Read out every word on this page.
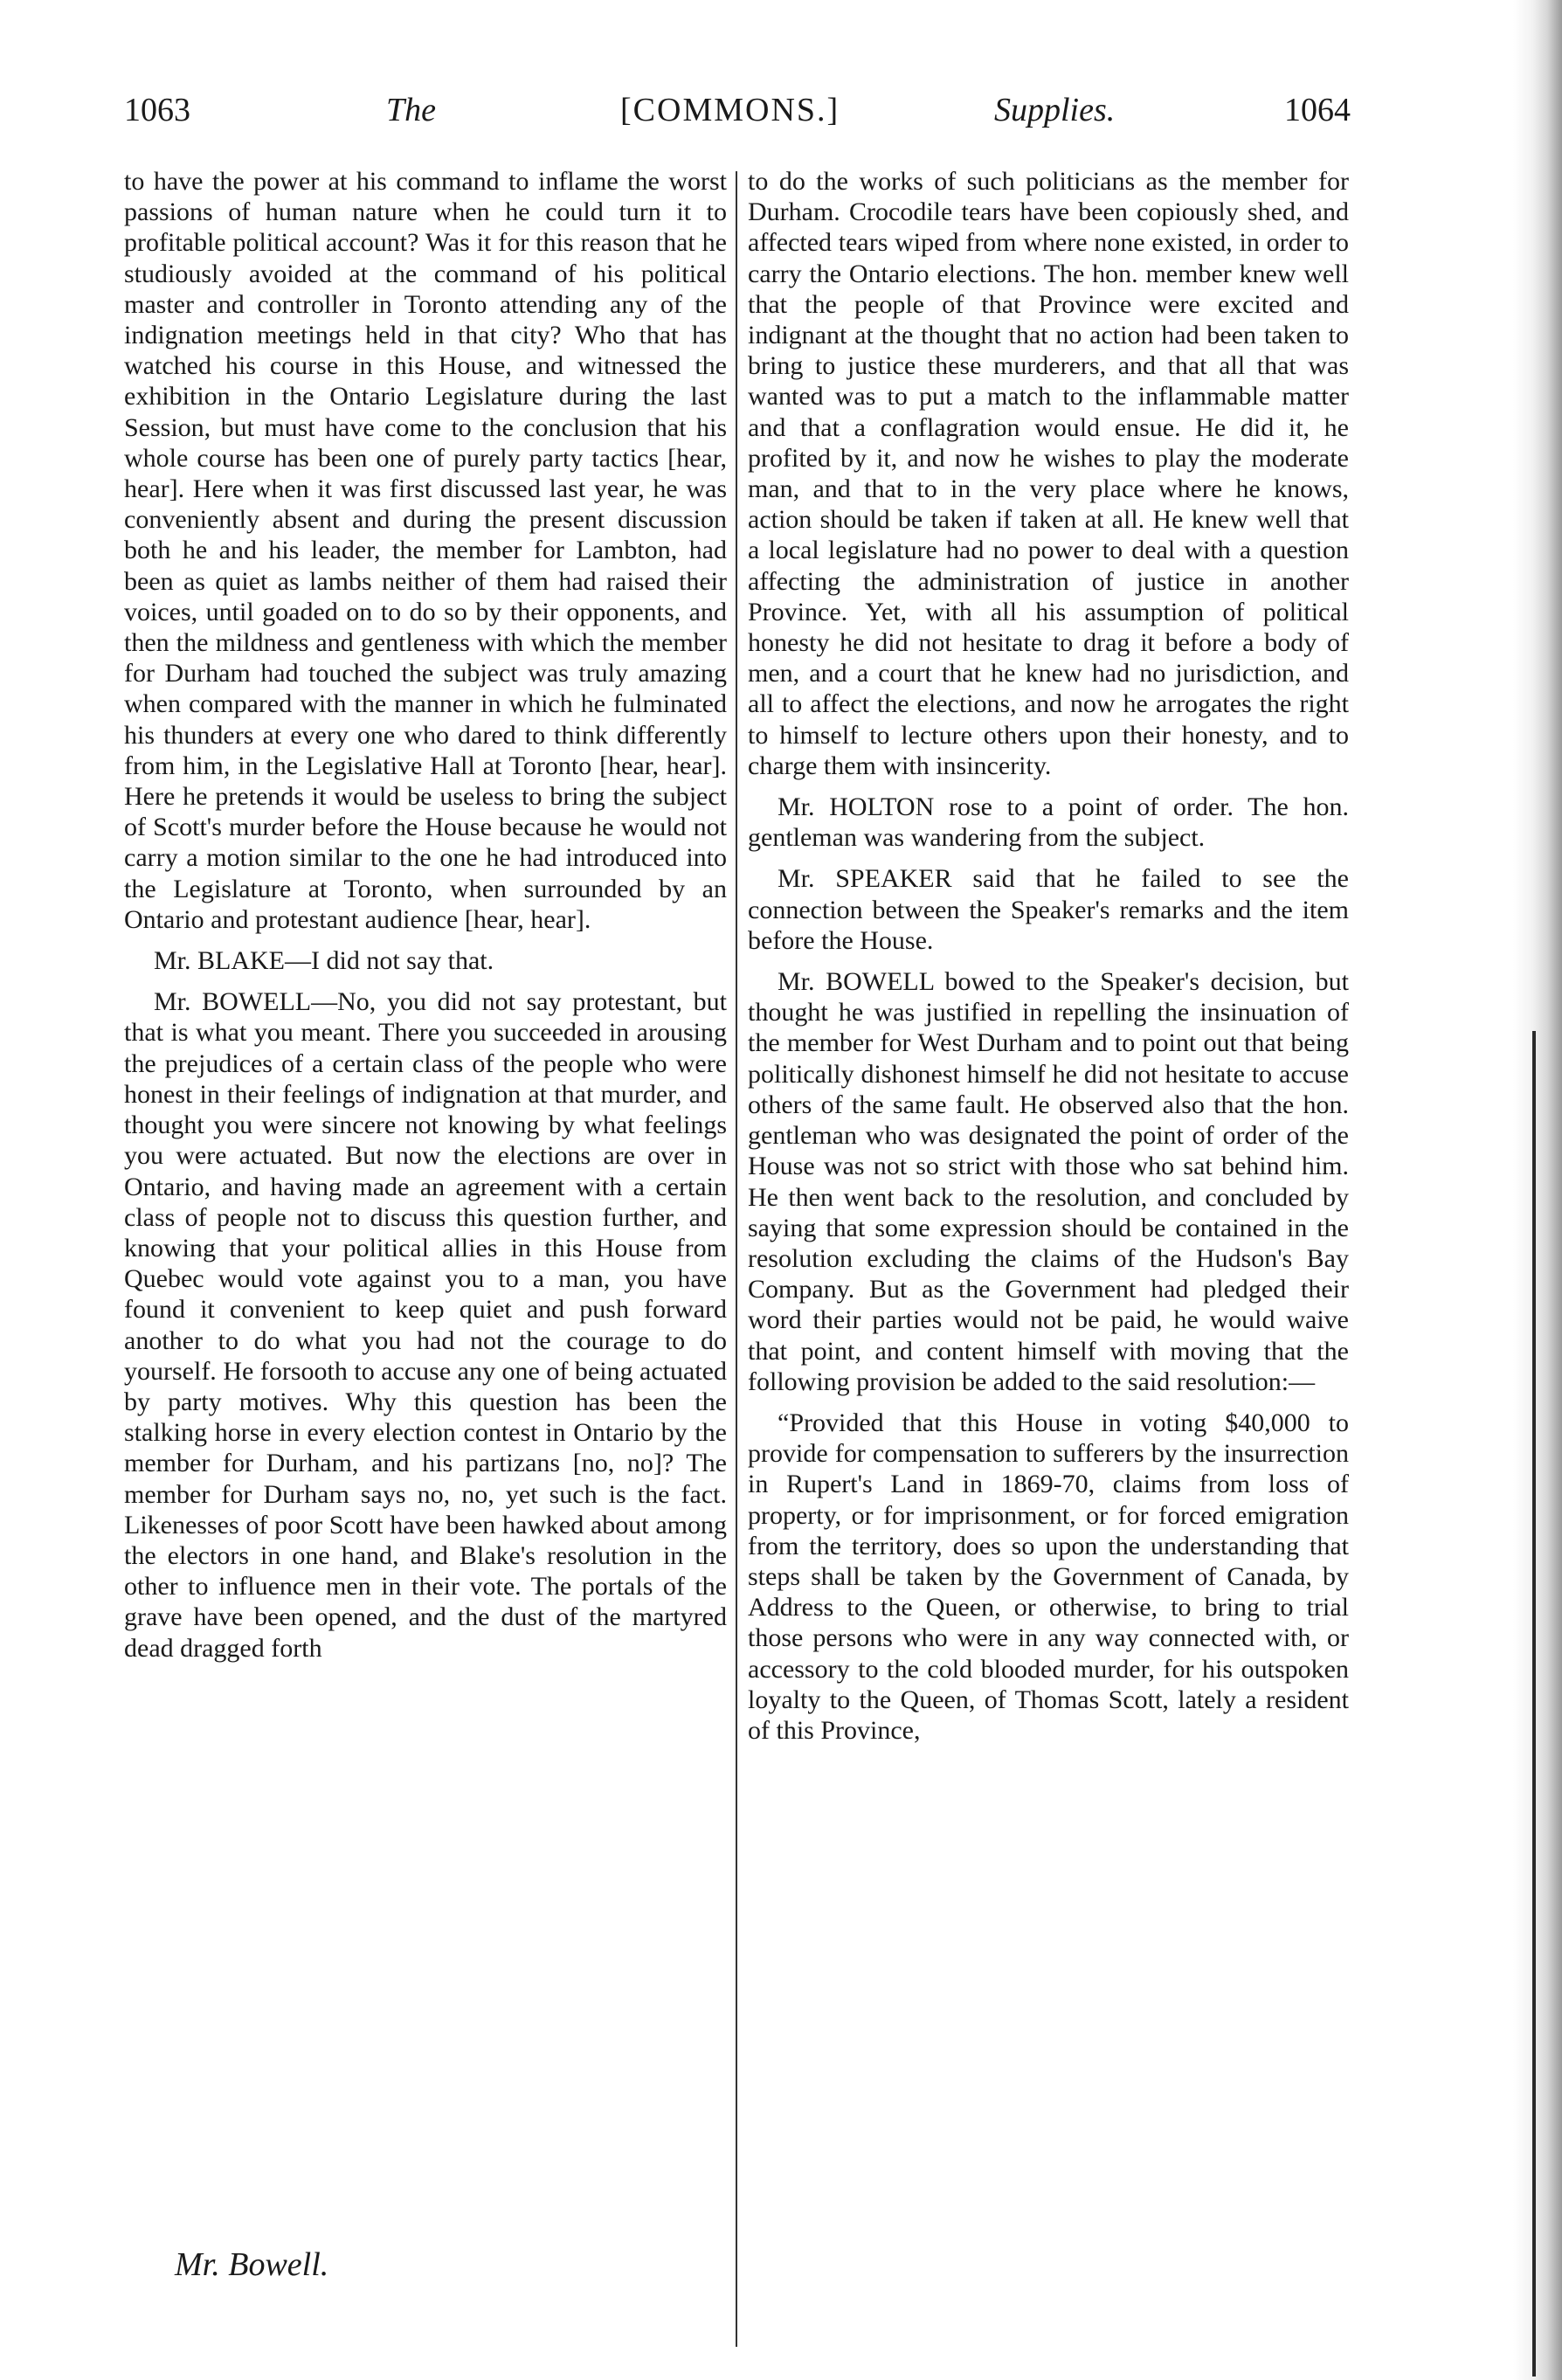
1063	The	[COMMONS.]	Supplies.	1064

to have the power at his command to inflame the worst passions of human nature when he could turn it to profitable political account? Was it for this reason that he studiously avoided at the command of his political master and controller in Toronto attending any of the indignation meetings held in that city? Who that has watched his course in this House, and witnessed the exhibition in the Ontario Legislature during the last Session, but must have come to the conclusion that his whole course has been one of purely party tactics [hear, hear]. Here when it was first discussed last year, he was conveniently absent and during the present discussion both he and his leader, the member for Lambton, had been as quiet as lambs neither of them had raised their voices, until goaded on to do so by their opponents, and then the mildness and gentleness with which the member for Durham had touched the subject was truly amazing when compared with the manner in which he fulminated his thunders at every one who dared to think differently from him, in the Legislative Hall at Toronto [hear, hear]. Here he pretends it would be useless to bring the subject of Scott's murder before the House because he would not carry a motion similar to the one he had introduced into the Legislature at Toronto, when surrounded by an Ontario and protestant audience [hear, hear].

Mr. BLAKE—I did not say that.

Mr. BOWELL—No, you did not say protestant, but that is what you meant. There you succeeded in arousing the prejudices of a certain class of the people who were honest in their feelings of indignation at that murder, and thought you were sincere not knowing by what feelings you were actuated. But now the elections are over in Ontario, and having made an agreement with a certain class of people not to discuss this question further, and knowing that your political allies in this House from Quebec would vote against you to a man, you have found it convenient to keep quiet and push forward another to do what you had not the courage to do yourself. He forsooth to accuse any one of being actuated by party motives. Why this question has been the stalking horse in every election contest in Ontario by the member for Durham, and his partizans [no, no]? The member for Durham says no, no, yet such is the fact. Likenesses of poor Scott have been hawked about among the electors in one hand, and Blake's resolution in the other to influence men in their vote. The portals of the grave have been opened, and the dust of the martyred dead dragged forth

to do the works of such politicians as the member for Durham. Crocodile tears have been copiously shed, and affected tears wiped from where none existed, in order to carry the Ontario elections. The hon. member knew well that the people of that Province were excited and indignant at the thought that no action had been taken to bring to justice these murderers, and that all that was wanted was to put a match to the inflammable matter and that a conflagration would ensue. He did it, he profited by it, and now he wishes to play the moderate man, and that to in the very place where he knows, action should be taken if taken at all. He knew well that a local legislature had no power to deal with a question affecting the administration of justice in another Province. Yet, with all his assumption of political honesty he did not hesitate to drag it before a body of men, and a court that he knew had no jurisdiction, and all to affect the elections, and now he arrogates the right to himself to lecture others upon their honesty, and to charge them with insincerity.

Mr. HOLTON rose to a point of order. The hon. gentleman was wandering from the subject.

Mr. SPEAKER said that he failed to see the connection between the Speaker's remarks and the item before the House.

Mr. BOWELL bowed to the Speaker's decision, but thought he was justified in repelling the insinuation of the member for West Durham and to point out that being politically dishonest himself he did not hesitate to accuse others of the same fault. He observed also that the hon. gentleman who was designated the point of order of the House was not so strict with those who sat behind him. He then went back to the resolution, and concluded by saying that some expression should be contained in the resolution excluding the claims of the Hudson's Bay Company. But as the Government had pledged their word their parties would not be paid, he would waive that point, and content himself with moving that the following provision be added to the said resolution:—

“Provided that this House in voting $40,000 to provide for compensation to sufferers by the insurrection in Rupert's Land in 1869-70, claims from loss of property, or for imprisonment, or for forced emigration from the territory, does so upon the understanding that steps shall be taken by the Government of Canada, by Address to the Queen, or otherwise, to bring to trial those persons who were in any way connected with, or accessory to the cold blooded murder, for his outspoken loyalty to the Queen, of Thomas Scott, lately a resident of this Province,

Mr. Bowell.
